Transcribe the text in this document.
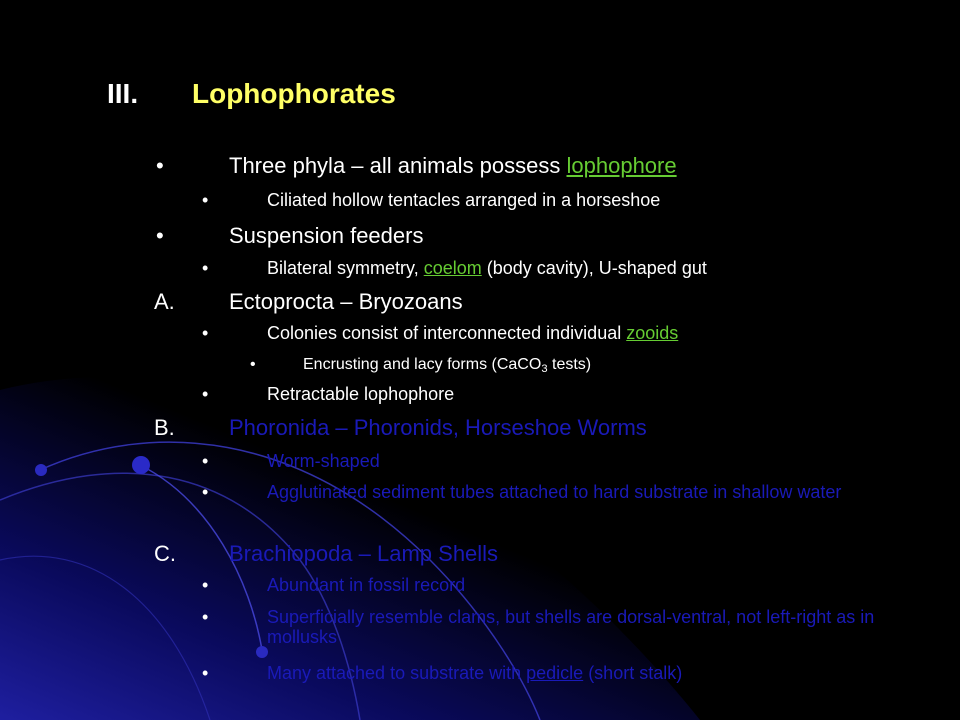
III. Lophophorates
•	Three phyla – all animals possess lophophore
•	Ciliated hollow tentacles arranged in a horseshoe
•	Suspension feeders
•	Bilateral symmetry, coelom (body cavity), U-shaped gut
A. Ectoprocta – Bryozoans
•	Colonies consist of interconnected individual zooids
•	Encrusting and lacy forms (CaCO$_3$ tests)
•	Retractable lophophore
B. Phoronida – Phoronids, Horseshoe Worms
•	Worm-shaped
•	Agglutinated sediment tubes attached to hard substrate in shallow water
C. Brachiopoda – Lamp Shells
•	Abundant in fossil record
•	Superficially resemble clams, but shells are dorsal-ventral, not left-right as in mollusks
•	Many attached to substrate with pedicle (short stalk)
